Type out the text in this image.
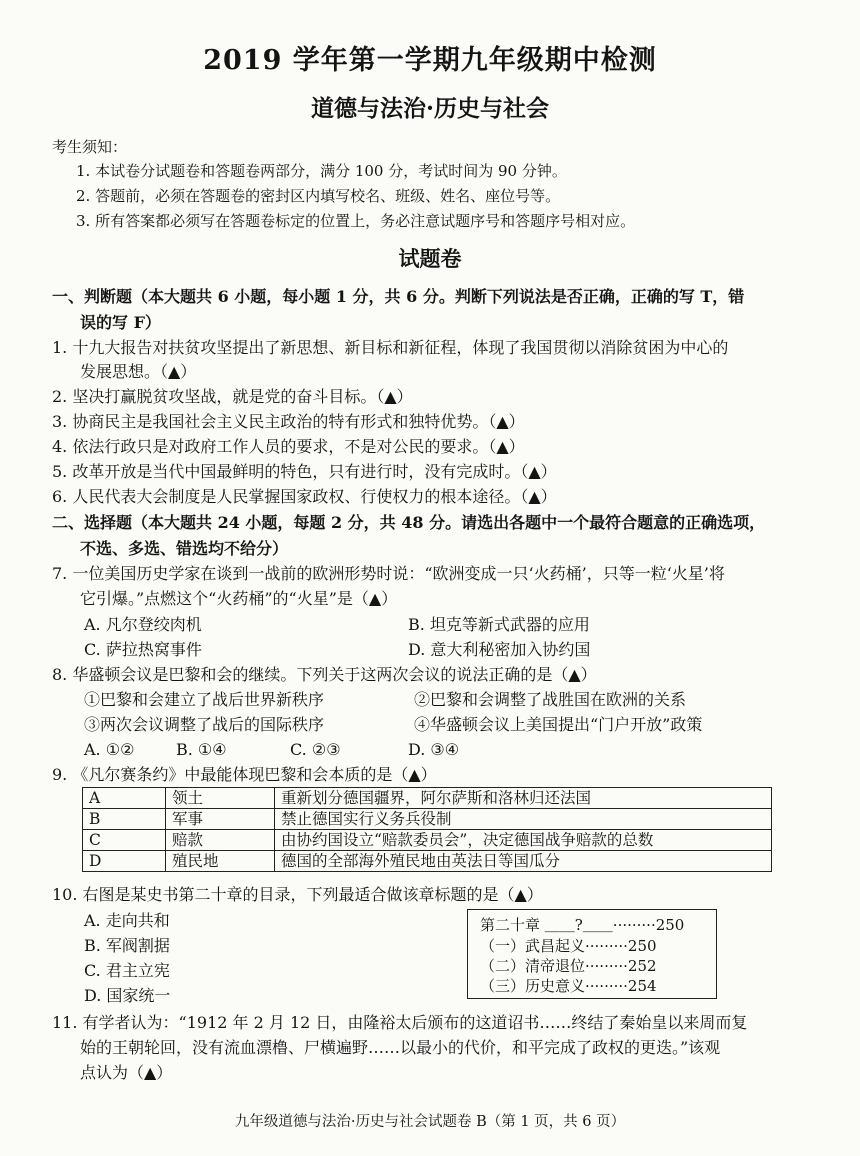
2019 学年第一学期九年级期中检测
道德与法治·历史与社会
考生须知：
1. 本试卷分试题卷和答题卷两部分，满分 100 分，考试时间为 90 分钟。
2. 答题前，必须在答题卷的密封区内填写校名、班级、姓名、座位号等。
3. 所有答案都必须写在答题卷标定的位置上，务必注意试题序号和答题序号相对应。
试题卷
一、判断题（本大题共 6 小题，每小题 1 分，共 6 分。判断下列说法是否正确，正确的写 T，错
误的写 F）
1. 十九大报告对扶贫攻坚提出了新思想、新目标和新征程，体现了我国贯彻以消除贫困为中心的
发展思想。（▲）
2. 坚决打赢脱贫攻坚战，就是党的奋斗目标。（▲）
3. 协商民主是我国社会主义民主政治的特有形式和独特优势。（▲）
4. 依法行政只是对政府工作人员的要求，不是对公民的要求。（▲）
5. 改革开放是当代中国最鲜明的特色，只有进行时，没有完成时。（▲）
6. 人民代表大会制度是人民掌握国家政权、行使权力的根本途径。（▲）
二、选择题（本大题共 24 小题，每题 2 分，共 48 分。请选出各题中一个最符合题意的正确选项，
不选、多选、错选均不给分）
7. 一位美国历史学家在谈到一战前的欧洲形势时说：“欧洲变成一只‘火药桶’，只等一粒‘火星’将
它引爆。”点燃这个“火药桶”的“火星”是（▲）
A. 凡尔登绞肉机	B. 坦克等新式武器的应用
C. 萨拉热窝事件	D. 意大利秘密加入协约国
8. 华盛顿会议是巴黎和会的继续。下列关于这两次会议的说法正确的是（▲）
①巴黎和会建立了战后世界新秩序	②巴黎和会调整了战胜国在欧洲的关系
③两次会议调整了战后的国际秩序	④华盛顿会议上美国提出“门户开放”政策
A. ①②	B. ①④	C. ②③	D. ③④
9. 《凡尔赛条约》中最能体现巴黎和会本质的是（▲）
A	领土	重新划分德国疆界，阿尔萨斯和洛林归还法国
B	军事	禁止德国实行义务兵役制
C	赔款	由协约国设立“赔款委员会”，决定德国战争赔款的总数
D	殖民地	德国的全部海外殖民地由英法日等国瓜分
10. 右图是某史书第二十章的目录，下列最适合做该章标题的是（▲）
A. 走向共和
B. 军阀割据
C. 君主立宪
D. 国家统一
第二十章 ＿＿?＿＿·········250
（一）武昌起义·········250
（二）清帝退位·········252
（三）历史意义·········254
11. 有学者认为：“1912 年 2 月 12 日，由隆裕太后颁布的这道诏书……终结了秦始皇以来周而复
始的王朝轮回，没有流血漂橹、尸横遍野……以最小的代价，和平完成了政权的更迭。”该观
点认为（▲）
九年级道德与法治·历史与社会试题卷 B（第 1 页，共 6 页）
